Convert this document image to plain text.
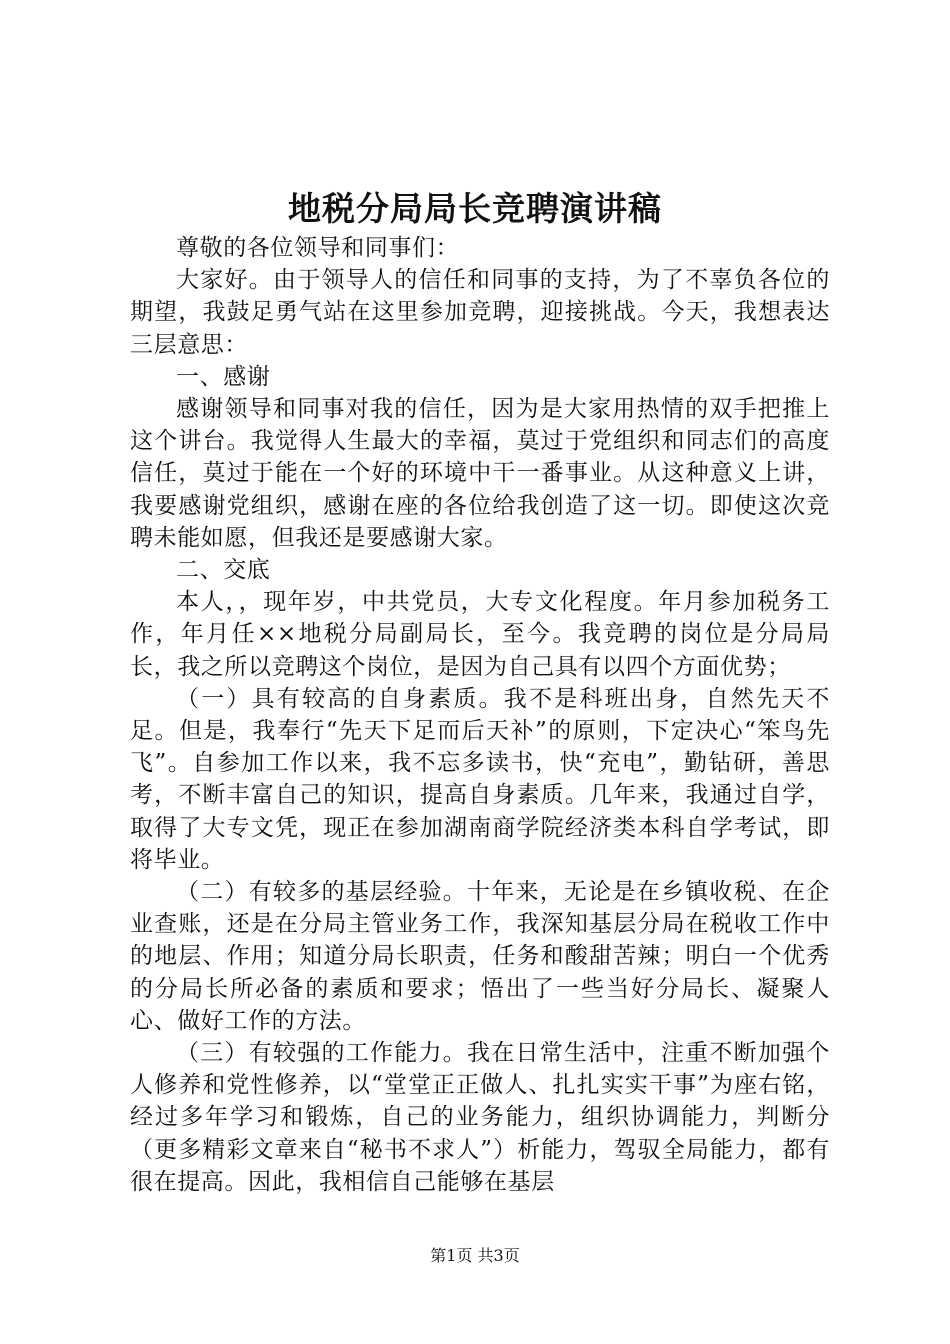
地税分局局长竞聘演讲稿

尊敬的各位领导和同事们：

大家好。由于领导人的信任和同事的支持，为了不辜负各位的期望，我鼓足勇气站在这里参加竞聘，迎接挑战。今天，我想表达三层意思：

一、感谢

感谢领导和同事对我的信任，因为是大家用热情的双手把推上这个讲台。我觉得人生最大的幸福，莫过于党组织和同志们的高度信任，莫过于能在一个好的环境中干一番事业。从这种意义上讲，我要感谢党组织，感谢在座的各位给我创造了这一切。即使这次竞聘未能如愿，但我还是要感谢大家。

二、交底

本人，，现年岁，中共党员，大专文化程度。年月参加税务工作，年月任××地税分局副局长，至今。我竞聘的岗位是分局局长，我之所以竞聘这个岗位，是因为自己具有以四个方面优势；

（一）具有较高的自身素质。我不是科班出身，自然先天不足。但是，我奉行“先天下足而后天补”的原则，下定决心“笨鸟先飞”。自参加工作以来，我不忘多读书，快“充电”，勤钻研，善思考，不断丰富自己的知识，提高自身素质。几年来，我通过自学，取得了大专文凭，现正在参加湖南商学院经济类本科自学考试，即将毕业。

（二）有较多的基层经验。十年来，无论是在乡镇收税、在企业查账，还是在分局主管业务工作，我深知基层分局在税收工作中的地层、作用；知道分局长职责，任务和酸甜苦辣；明白一个优秀的分局长所必备的素质和要求；悟出了一些当好分局长、凝聚人心、做好工作的方法。

（三）有较强的工作能力。我在日常生活中，注重不断加强个人修养和党性修养，以“堂堂正正做人、扎扎实实干事”为座右铭，经过多年学习和锻炼，自己的业务能力，组织协调能力，判断分（更多精彩文章来自“秘书不求人”）析能力，驾驭全局能力，都有很在提高。因此，我相信自己能够在基层

第1页 共3页
